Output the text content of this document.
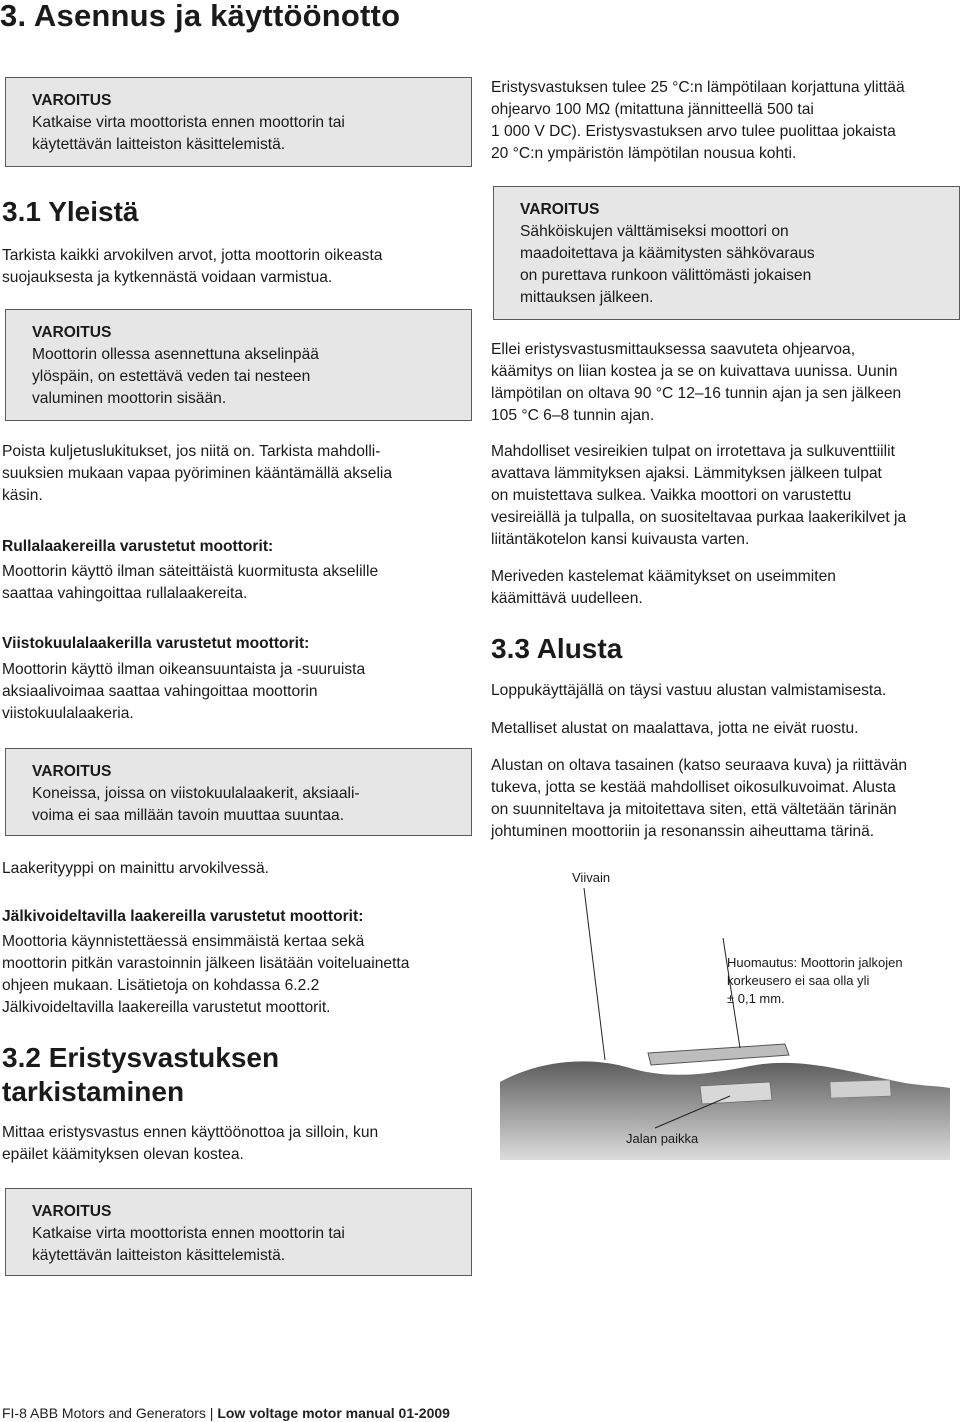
3. Asennus ja käyttöönotto
VAROITUS
Katkaise virta moottorista ennen moottorin tai
käytettävän laitteiston käsittelemistä.
3.1 Yleistä

Tarkista kaikki arvokilven arvot, jotta moottorin oikeasta

suojauksesta ja kytkennästä voidaan varmistua.

VAROITUS
Moottorin ollessa asennettuna akselinpää
ylöspäin, on estettävä veden tai nesteen
valuminen moottorin sisään.

Poista kuljetuslukitukset, jos niitä on. Tarkista mahdolli-

suuksien mukaan vapaa pyöriminen kääntämällä akselia

käsin.

Rullalaakereilla varustetut moottorit:

Moottorin käyttö ilman säteittäistä kuormitusta akselille

saattaa vahingoittaa rullalaakereita.

Viistokuulalaakerilla varustetut moottorit:

Moottorin käyttö ilman oikeansuuntaista ja -suuruista

aksiaalivoimaa saattaa vahingoittaa moottorin

viistokuulalaakeria.

VAROITUS
Koneissa, joissa on viistokuulalaakerit, aksiaali-
voima ei saa millään tavoin muuttaa suuntaa.

Laakerityyppi on mainittu arvokilvessä.

Jälkivoideltavilla laakereilla varustetut moottorit:

Moottoria käynnistettäessä ensimmäistä kertaa sekä

moottorin pitkän varastoinnin jälkeen lisätään voiteluainetta

ohjeen mukaan. Lisätietoja on kohdassa 6.2.2

Jälkivoideltavilla laakereilla varustetut moottorit.

3.2 Eristysvastuksen
tarkistaminen

Mittaa eristysvastus ennen käyttöönottoa ja silloin, kun

epäilet käämityksen olevan kostea.

VAROITUS
Katkaise virta moottorista ennen moottorin tai
käytettävän laitteiston käsittelemistä.

Eristysvastuksen tulee 25 °C:n lämpötilaan korjattuna ylittää

ohjearvo 100 MΩ (mitattuna jännitteellä 500 tai

1 000 V DC). Eristysvastuksen arvo tulee puolittaa jokaista

20 °C:n ympäristön lämpötilan nousua kohti.

VAROITUS
Sähköiskujen välttämiseksi moottori on
maadoitettava ja käämitysten sähkövaraus
on purettava runkoon välittömästi jokaisen
mittauksen jälkeen.

Ellei eristysvastusmittauksessa saavuteta ohjearvoa,

käämitys on liian kostea ja se on kuivattava uunissa. Uunin

lämpötilan on oltava 90 °C 12–16 tunnin ajan ja sen jälkeen

105 °C 6–8 tunnin ajan.

Mahdolliset vesireikien tulpat on irrotettava ja sulkuventtiilit

avattava lämmityksen ajaksi. Lämmityksen jälkeen tulpat

on muistettava sulkea. Vaikka moottori on varustettu

vesireiällä ja tulpalla, on suositeltavaa purkaa laakerikilvet ja

liitäntäkotelon kansi kuivausta varten.

Meriveden kastelemat käämitykset on useimmiten

käämittävä uudelleen.

3.3 Alusta

Loppukäyttäjällä on täysi vastuu alustan valmistamisesta.

Metalliset alustat on maalattava, jotta ne eivät ruostu.

Alustan on oltava tasainen (katso seuraava kuva) ja riittävän

tukeva, jotta se kestää mahdolliset oikosulkuvoimat. Alusta

on suunniteltava ja mitoitettava siten, että vältetään tärinän

johtuminen moottoriin ja resonanssin aiheuttama tärinä.

Viivain
Huomautus: Moottorin jalkojen
korkeusero ei saa olla yli
± 0,1 mm.
Jalan paikka
FI-8 ABB Motors and Generators | Low voltage motor manual 01-2009
